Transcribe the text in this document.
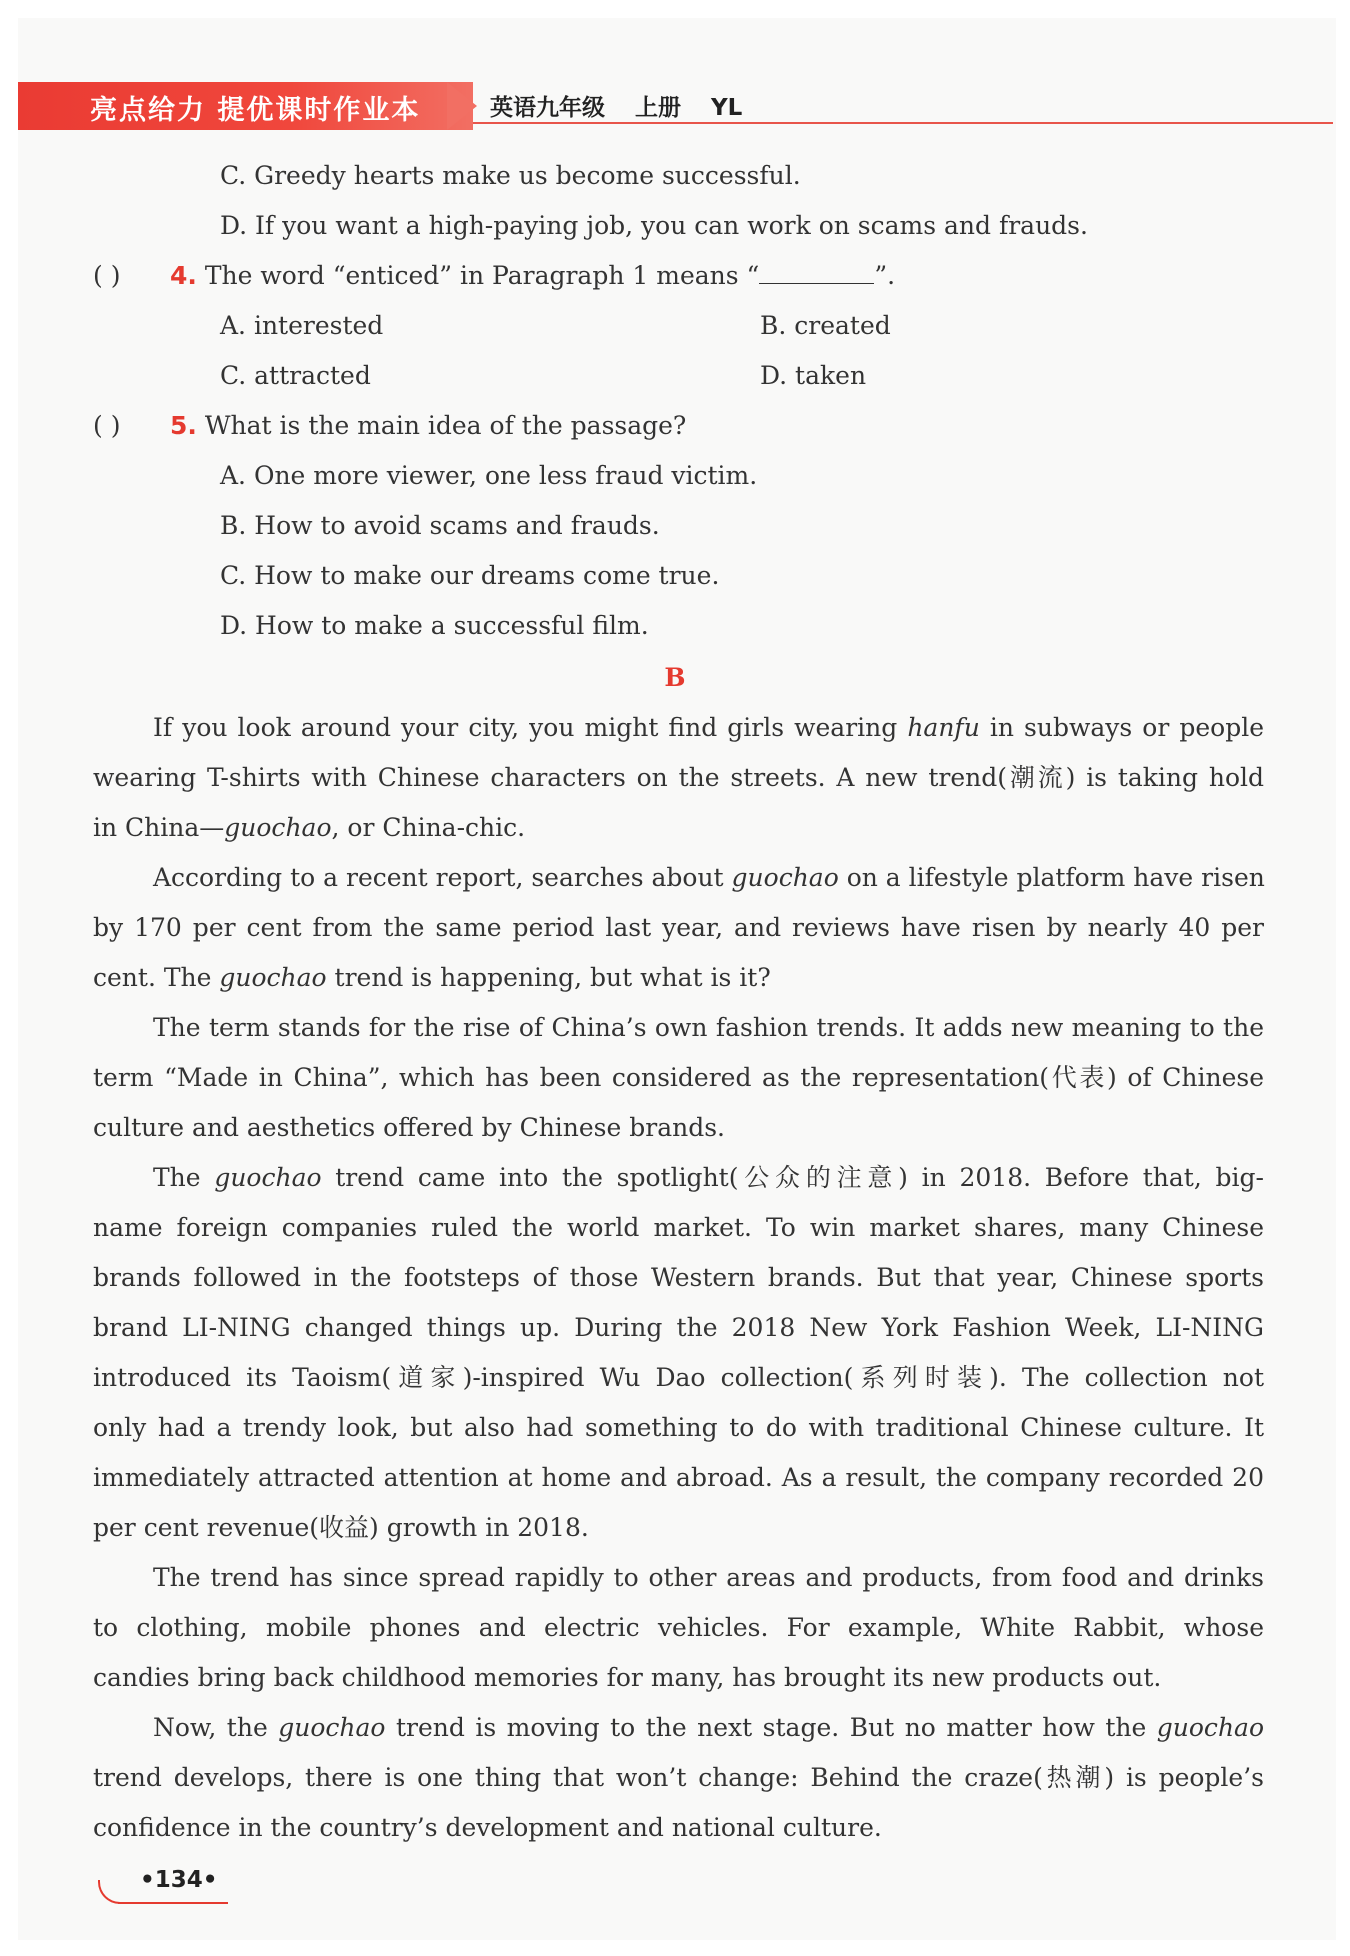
亮点给力 提优课时作业本	英语九年级 上册 YL
C. Greedy hearts make us become successful.
D. If you want a high-paying job, you can work on scams and frauds.
( ) 4. The word “enticed” in Paragraph 1 means “	”.
A. interested	B. created
C. attracted	D. taken
( ) 5. What is the main idea of the passage?
A. One more viewer, one less fraud victim.
B. How to avoid scams and frauds.
C. How to make our dreams come true.
D. How to make a successful film.
B
If you look around your city, you might find girls wearing hanfu in subways or people
wearing T-shirts with Chinese characters on the streets. A new trend(潮流) is taking hold
in China—guochao, or China-chic.
According to a recent report, searches about guochao on a lifestyle platform have risen
by 170 per cent from the same period last year, and reviews have risen by nearly 40 per
cent. The guochao trend is happening, but what is it?
The term stands for the rise of China’s own fashion trends. It adds new meaning to the
term “Made in China”, which has been considered as the representation(代表) of Chinese
culture and aesthetics offered by Chinese brands.
The guochao trend came into the spotlight(公众的注意) in 2018. Before that, big-
name foreign companies ruled the world market. To win market shares, many Chinese
brands followed in the footsteps of those Western brands. But that year, Chinese sports
brand LI-NING changed things up. During the 2018 New York Fashion Week, LI-NING
introduced its Taoism(道家)-inspired Wu Dao collection(系列时装). The collection not
only had a trendy look, but also had something to do with traditional Chinese culture. It
immediately attracted attention at home and abroad. As a result, the company recorded 20
per cent revenue(收益) growth in 2018.
The trend has since spread rapidly to other areas and products, from food and drinks
to clothing, mobile phones and electric vehicles. For example, White Rabbit, whose
candies bring back childhood memories for many, has brought its new products out.
Now, the guochao trend is moving to the next stage. But no matter how the guochao
trend develops, there is one thing that won’t change: Behind the craze(热潮) is people’s
confidence in the country’s development and national culture.
•134•
